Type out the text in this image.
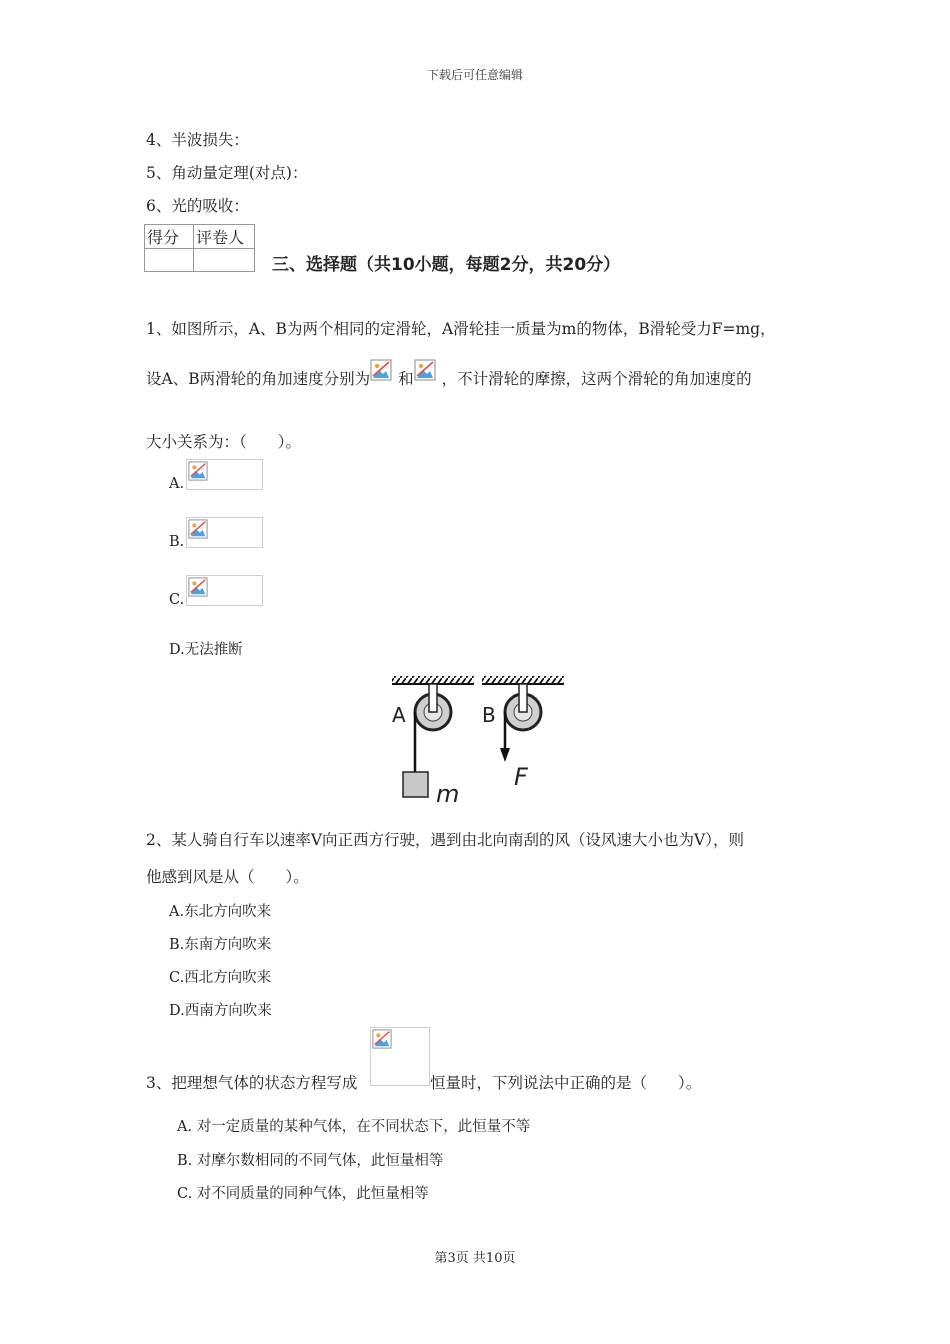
下载后可任意编辑
4、半波损失：
5、角动量定理(对点)：
6、光的吸收：
得分	评卷人

三、选择题（共10小题，每题2分，共20分）
1、如图所示，A、B为两个相同的定滑轮，A滑轮挂一质量为m的物体，B滑轮受力F=mg，
设A、B两滑轮的角加速度分别为 和 ，不计滑轮的摩擦，这两个滑轮的角加速度的
大小关系为：（　　）。
A.
B.
C.
D.无法推断
A
m
B
F
2、某人骑自行车以速率V向正西方行驶，遇到由北向南刮的风（设风速大小也为V），则
他感到风是从（　　）。
A.东北方向吹来
B.东南方向吹来
C.西北方向吹来
D.西南方向吹来
3、把理想气体的状态方程写成	恒量时，下列说法中正确的是（　　）。
A. 对一定质量的某种气体，在不同状态下，此恒量不等
B. 对摩尔数相同的不同气体，此恒量相等
C. 对不同质量的同种气体，此恒量相等
第3页 共10页
